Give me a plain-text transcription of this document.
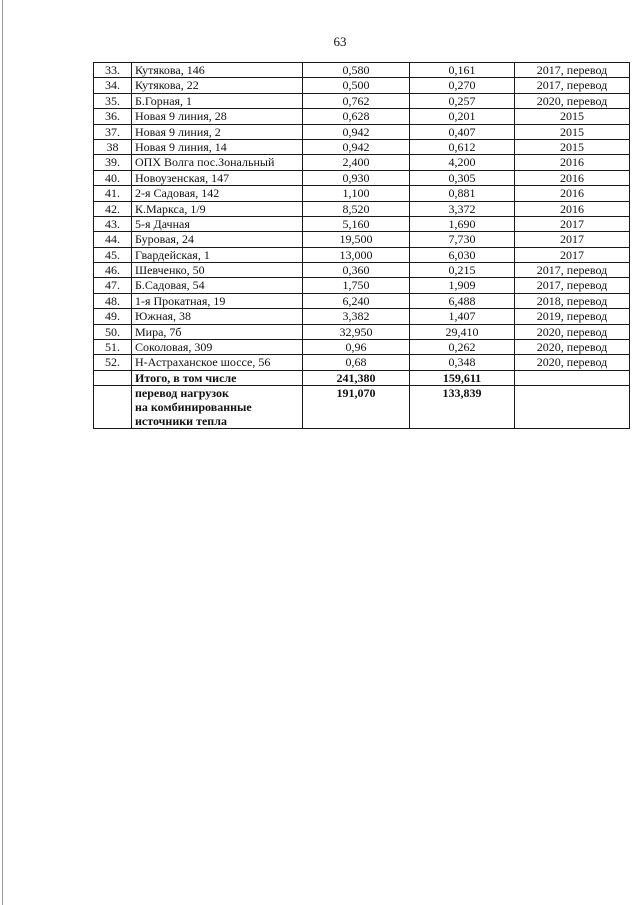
63
33.	Кутякова, 146	0,580	0,161	2017, перевод
34.	Кутякова, 22	0,500	0,270	2017, перевод
35.	Б.Горная, 1	0,762	0,257	2020, перевод
36.	Новая 9 линия, 28	0,628	0,201	2015
37.	Новая 9 линия, 2	0,942	0,407	2015
38	Новая 9 линия, 14	0,942	0,612	2015
39.	ОПХ Волга пос.Зональный	2,400	4,200	2016
40.	Новоузенская, 147	0,930	0,305	2016
41.	2-я Садовая, 142	1,100	0,881	2016
42.	К.Маркса, 1/9	8,520	3,372	2016
43.	5-я Дачная	5,160	1,690	2017
44.	Буровая, 24	19,500	7,730	2017
45.	Гвардейская, 1	13,000	6,030	2017
46.	Шевченко, 50	0,360	0,215	2017, перевод
47.	Б.Садовая, 54	1,750	1,909	2017, перевод
48.	1-я Прокатная, 19	6,240	6,488	2018, перевод
49.	Южная, 38	3,382	1,407	2019, перевод
50.	Мира, 7б	32,950	29,410	2020, перевод
51.	Соколовая, 309	0,96	0,262	2020, перевод
52.	Н-Астраханское шоссе, 56	0,68	0,348	2020, перевод
	Итого, в том числе	241,380	159,611	

	перевод нагрузок
на комбинированные
источники тепла	191,070	133,839	
